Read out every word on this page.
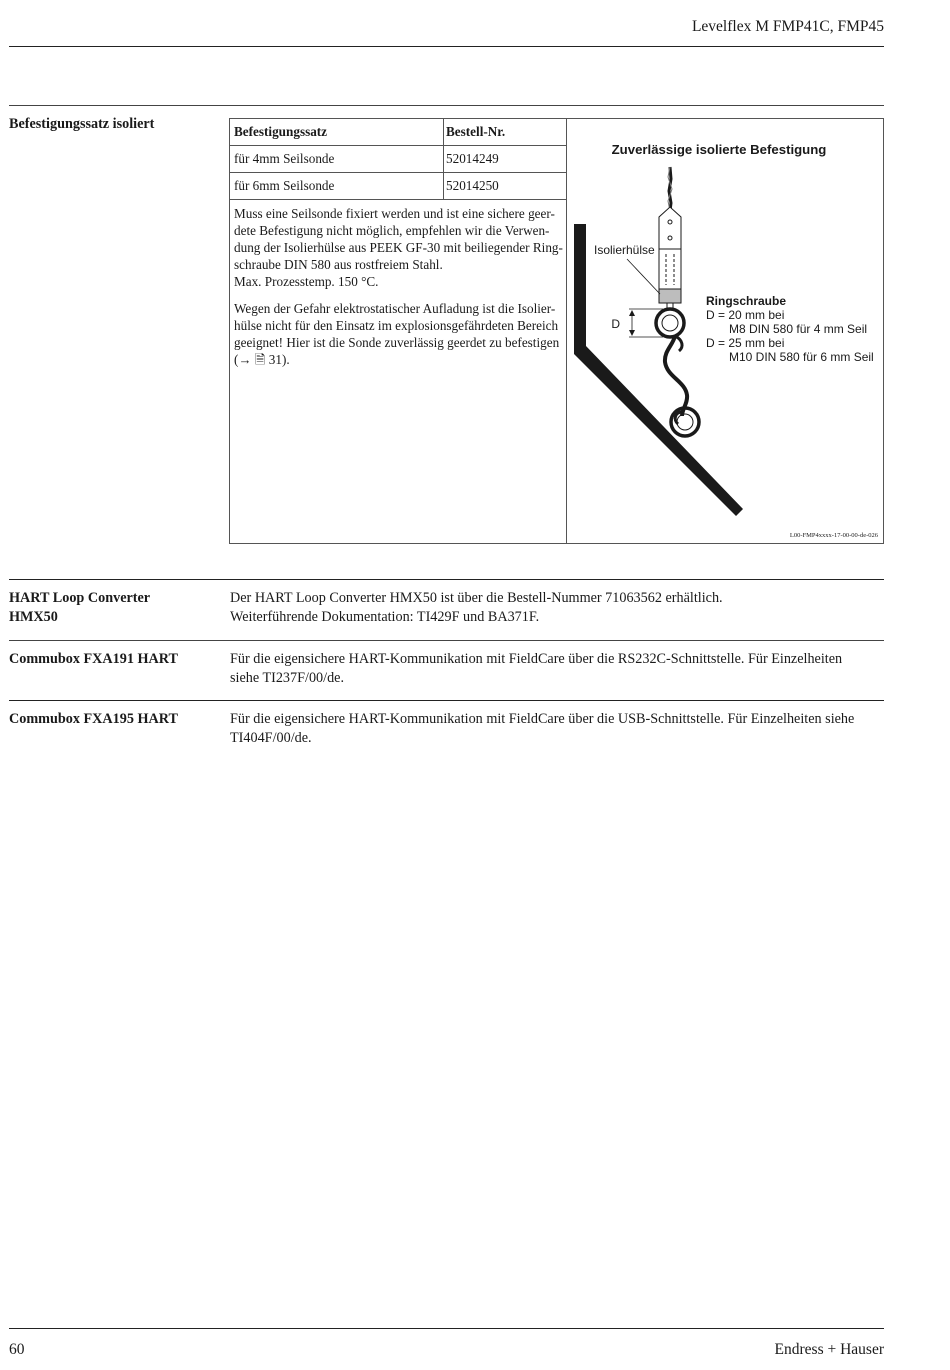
Levelflex M FMP41C, FMP45
Befestigungssatz isoliert	Befestigungssatz	Bestell-Nr.
für 4mm Seilsonde	52014249
für 6mm Seilsonde	52014250
Muss eine Seilsonde fixiert werden und ist eine sichere geer-
dete Befestigung nicht möglich, empfehlen wir die Verwen-
dung der Isolierhülse aus PEEK GF-30 mit beiliegender Ring-
schraube DIN 580 aus rostfreiem Stahl.
Max. Prozesstemp. 150 °C.
Wegen der Gefahr elektrostatischer Aufladung ist die Isolier-
hülse nicht für den Einsatz im explosionsgefährdeten Bereich
geeignet! Hier ist die Sonde zuverlässig geerdet zu befestigen
(→ 🗎 31).
Zuverlässige isolierte Befestigung
D
Isolierhülse
Ringschraube
D = 20 mm bei
M8 DIN 580 für 4 mm Seil
D = 25 mm bei
M10 DIN 580 für 6 mm Seil
L00-FMP4xxxx-17-00-00-de-026
HART Loop Converter
HMX50
Der HART Loop Converter HMX50 ist über die Bestell-Nummer 71063562 erhältlich.
Weiterführende Dokumentation: TI429F und BA371F.
Commubox FXA191 HART	Für die eigensichere HART-Kommunikation mit FieldCare über die RS232C-Schnittstelle. Für Einzelheiten
siehe TI237F/00/de.
Commubox FXA195 HART	Für die eigensichere HART-Kommunikation mit FieldCare über die USB-Schnittstelle. Für Einzelheiten siehe
TI404F/00/de.
60	Endress + Hauser
